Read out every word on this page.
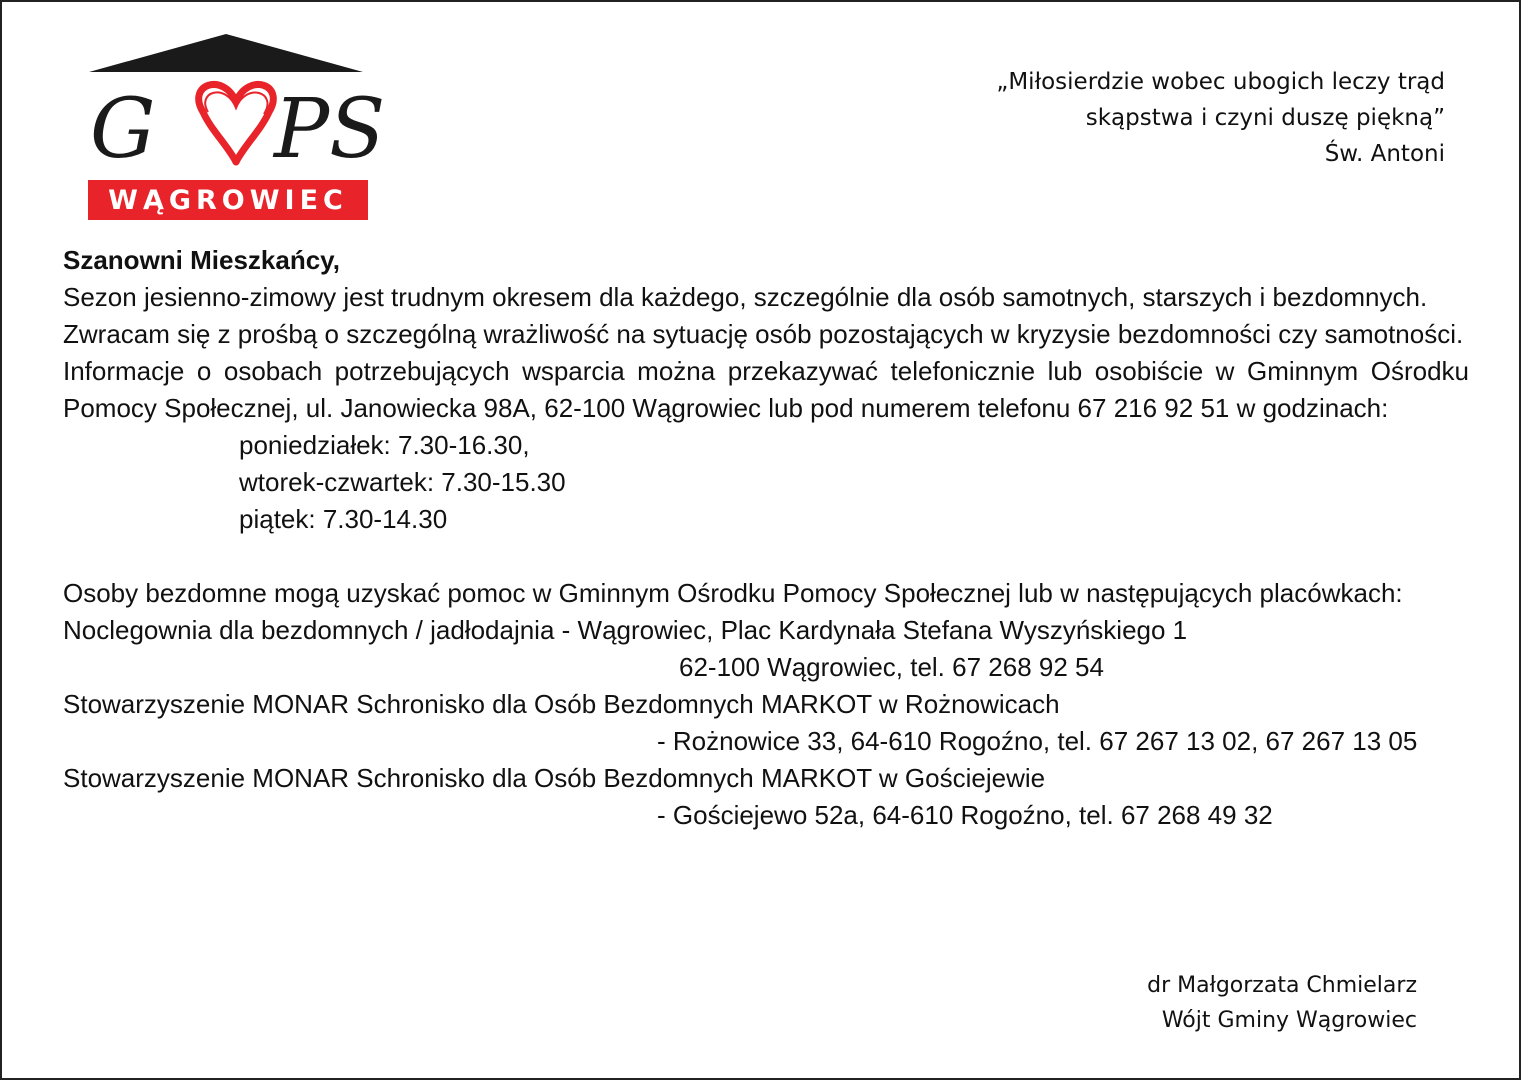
G PS
WĄGROWIEC
„Miłosierdzie wobec ubogich leczy trąd
skąpstwa i czyni duszę piękną”
Św. Antoni
Szanowni Mieszkańcy,
Sezon jesienno-zimowy jest trudnym okresem dla każdego, szczególnie dla osób samotnych, starszych i bezdomnych. Zwracam się z prośbą o szczególną wrażliwość na sytuację osób pozostających w kryzysie bezdomności czy samotności.
Informacje o osobach potrzebujących wsparcia można przekazywać telefonicznie lub osobiście w Gminnym Ośrodku Pomocy Społecznej, ul. Janowiecka 98A, 62-100 Wągrowiec lub pod numerem telefonu 67 216 92 51 w godzinach:
poniedziałek: 7.30-16.30,
wtorek-czwartek: 7.30-15.30
piątek: 7.30-14.30
Osoby bezdomne mogą uzyskać pomoc w Gminnym Ośrodku Pomocy Społecznej lub w następujących placówkach:
Noclegownia dla bezdomnych / jadłodajnia - Wągrowiec, Plac Kardynała Stefana Wyszyńskiego 1
62-100 Wągrowiec, tel. 67 268 92 54
Stowarzyszenie MONAR Schronisko dla Osób Bezdomnych MARKOT w Rożnowicach
- Rożnowice 33, 64-610 Rogoźno, tel. 67 267 13 02, 67 267 13 05
Stowarzyszenie MONAR Schronisko dla Osób Bezdomnych MARKOT w Gościejewie
- Gościejewo 52a, 64-610 Rogoźno, tel. 67 268 49 32
dr Małgorzata Chmielarz
Wójt Gminy Wągrowiec
